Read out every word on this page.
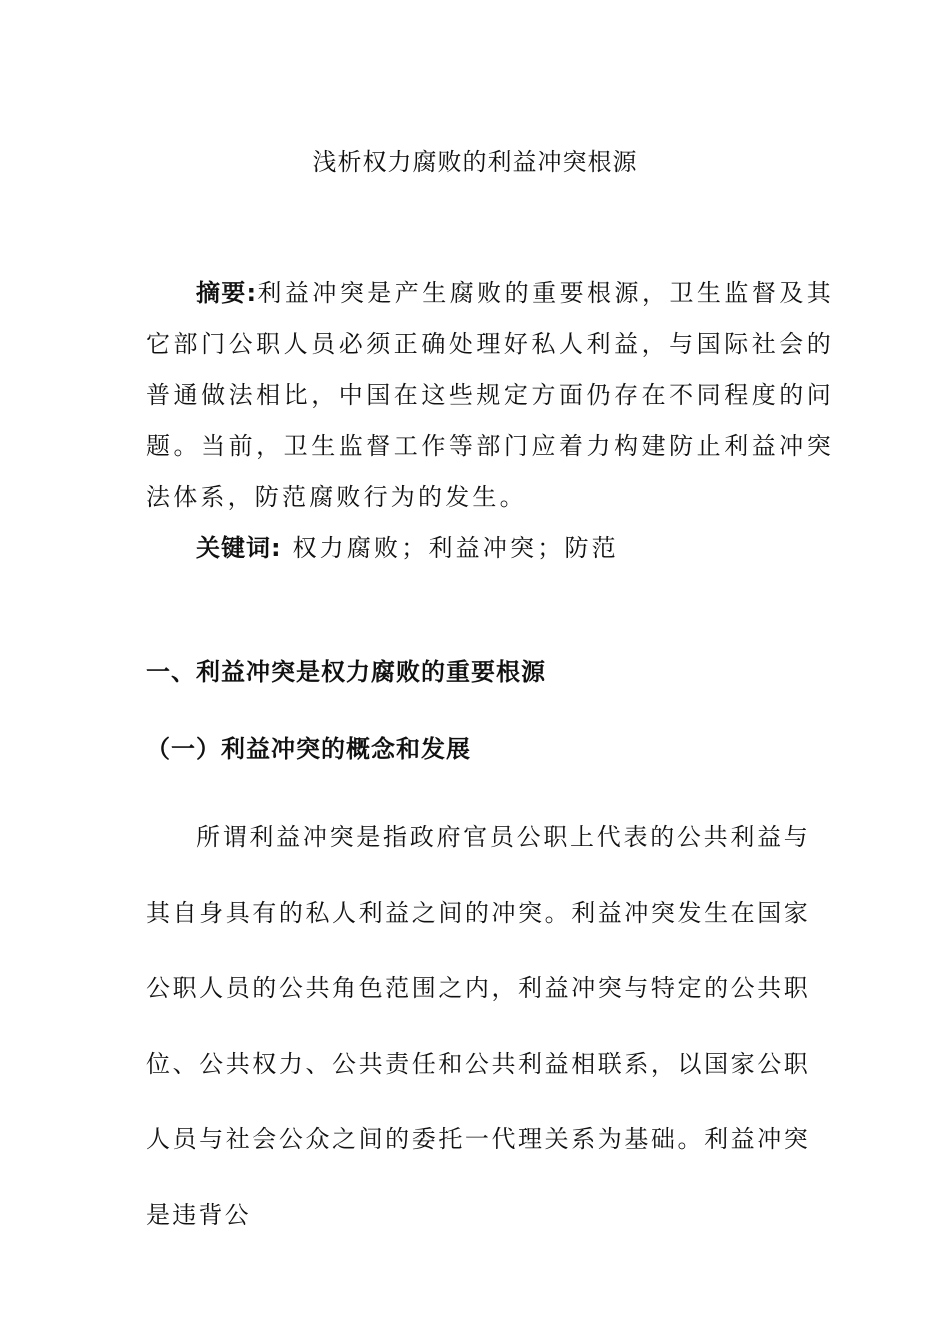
浅析权力腐败的利益冲突根源

摘要:利益冲突是产生腐败的重要根源，卫生监督及其它部门公职人员必须正确处理好私人利益，与国际社会的普通做法相比，中国在这些规定方面仍存在不同程度的问题。当前，卫生监督工作等部门应着力构建防止利益冲突法体系，防范腐败行为的发生。

关键词: 权力腐败；利益冲突；防范

一、利益冲突是权力腐败的重要根源
（一）利益冲突的概念和发展

所谓利益冲突是指政府官员公职上代表的公共利益与其自身具有的私人利益之间的冲突。利益冲突发生在国家公职人员的公共角色范围之内，利益冲突与特定的公共职位、公共权力、公共责任和公共利益相联系，以国家公职人员与社会公众之间的委托一代理关系为基础。利益冲突是违背公
